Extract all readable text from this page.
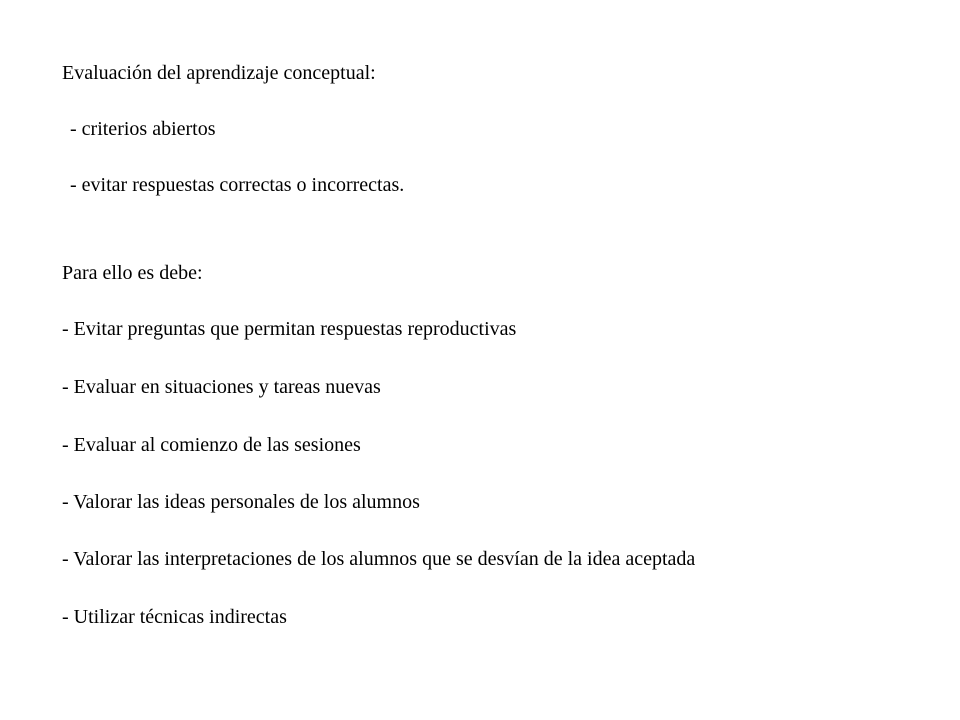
Evaluación del aprendizaje conceptual:
- criterios abiertos
- evitar respuestas correctas o incorrectas.
Para ello es debe:
- Evitar preguntas que permitan respuestas reproductivas
- Evaluar en situaciones y tareas nuevas
- Evaluar al comienzo de las sesiones
- Valorar las ideas personales de los alumnos
- Valorar las interpretaciones de los alumnos que se desvían de la idea aceptada
- Utilizar técnicas indirectas
